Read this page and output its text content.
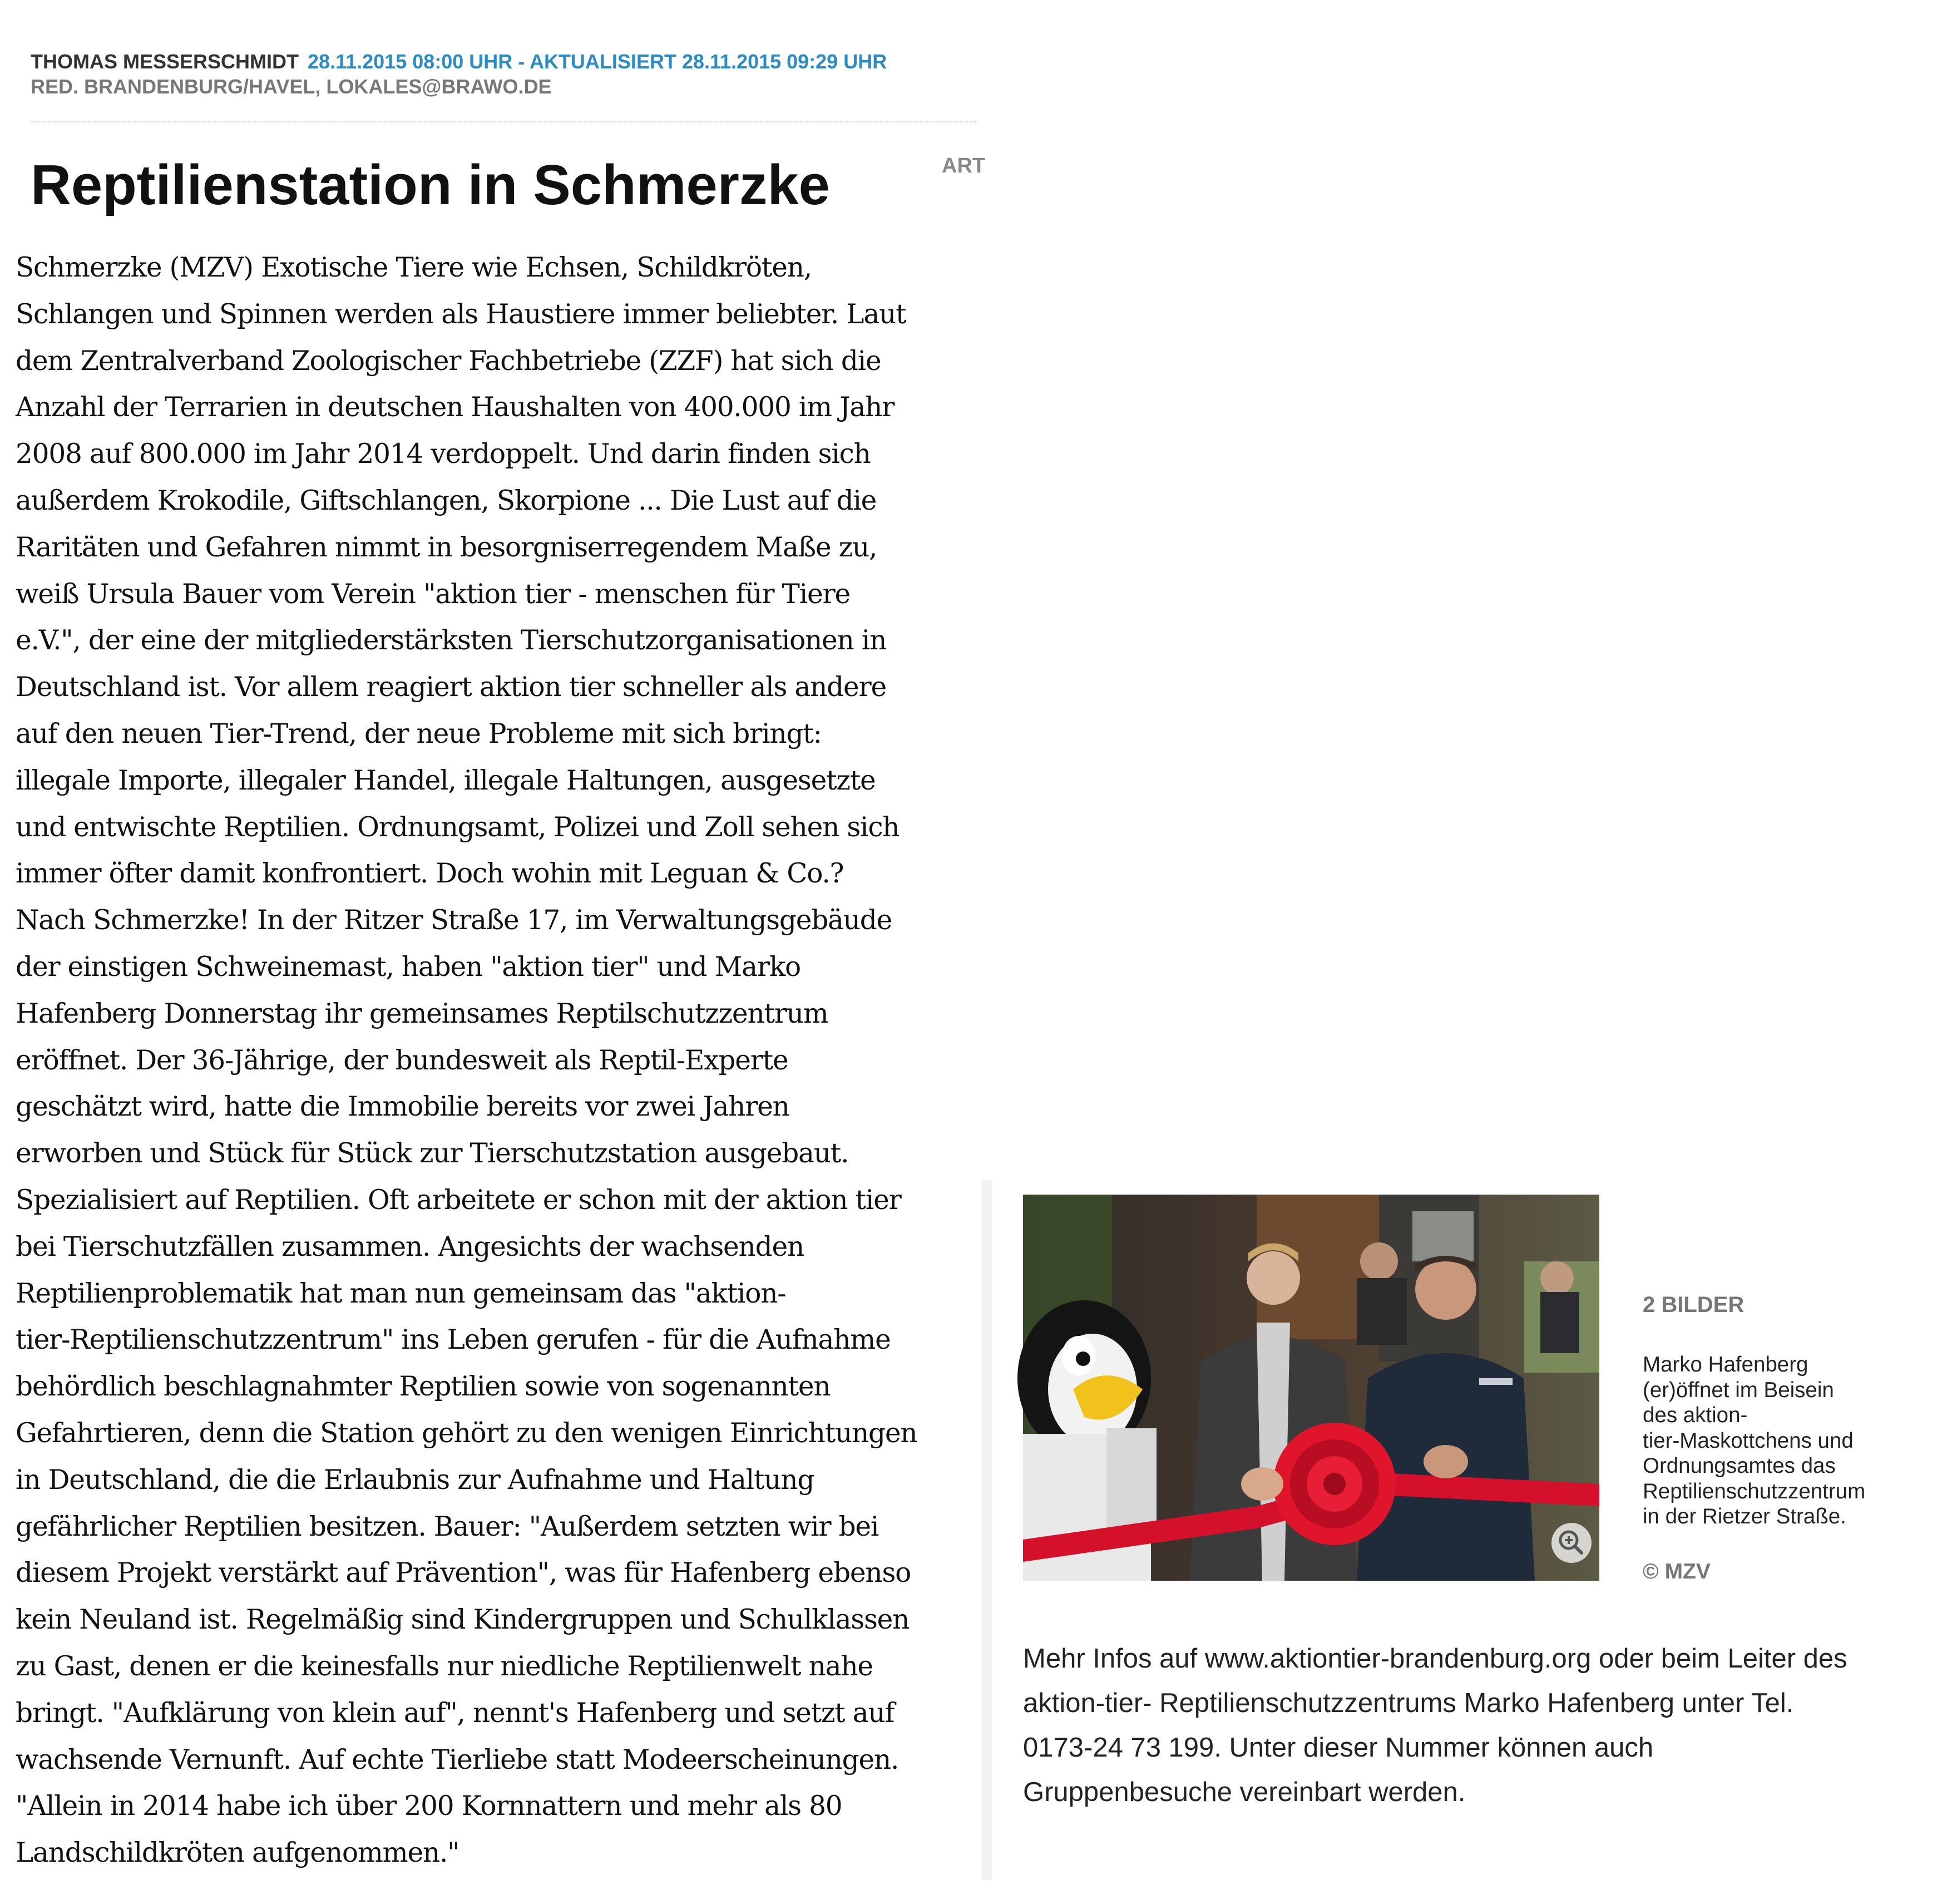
THOMAS MESSERSCHMIDT 28.11.2015 08:00 UHR - AKTUALISIERT 28.11.2015 09:29 UHR
RED. BRANDENBURG/HAVEL, LOKALES@BRAWO.DE
Reptilienstation in Schmerzke	ART

Schmerzke (MZV) Exotische Tiere wie Echsen, Schildkröten,
Schlangen und Spinnen werden als Haustiere immer beliebter. Laut
dem Zentralverband Zoologischer Fachbetriebe (ZZF) hat sich die
Anzahl der Terrarien in deutschen Haushalten von 400.000 im Jahr
2008 auf 800.000 im Jahr 2014 verdoppelt. Und darin finden sich
außerdem Krokodile, Giftschlangen, Skorpione ... Die Lust auf die
Raritäten und Gefahren nimmt in besorgniserregendem Maße zu,
weiß Ursula Bauer vom Verein "aktion tier - menschen für Tiere
e.V.", der eine der mitgliederstärksten Tierschutzorganisationen in
Deutschland ist. Vor allem reagiert aktion tier schneller als andere
auf den neuen Tier-Trend, der neue Probleme mit sich bringt:
illegale Importe, illegaler Handel, illegale Haltungen, ausgesetzte
und entwischte Reptilien. Ordnungsamt, Polizei und Zoll sehen sich
immer öfter damit konfrontiert. Doch wohin mit Leguan & Co.?
Nach Schmerzke! In der Ritzer Straße 17, im Verwaltungsgebäude
der einstigen Schweinemast, haben "aktion tier" und Marko
Hafenberg Donnerstag ihr gemeinsames Reptilschutzzentrum
eröffnet. Der 36-Jährige, der bundesweit als Reptil-Experte
geschätzt wird, hatte die Immobilie bereits vor zwei Jahren
erworben und Stück für Stück zur Tierschutzstation ausgebaut.
Spezialisiert auf Reptilien. Oft arbeitete er schon mit der aktion tier
bei Tierschutzfällen zusammen. Angesichts der wachsenden
Reptilienproblematik hat man nun gemeinsam das "aktion-
tier-Reptilienschutzzentrum" ins Leben gerufen - für die Aufnahme
behördlich beschlagnahmter Reptilien sowie von sogenannten
Gefahrtieren, denn die Station gehört zu den wenigen Einrichtungen
in Deutschland, die die Erlaubnis zur Aufnahme und Haltung
gefährlicher Reptilien besitzen. Bauer: "Außerdem setzten wir bei
diesem Projekt verstärkt auf Prävention", was für Hafenberg ebenso
kein Neuland ist. Regelmäßig sind Kindergruppen und Schulklassen
zu Gast, denen er die keinesfalls nur niedliche Reptilienwelt nahe
bringt. "Aufklärung von klein auf", nennt's Hafenberg und setzt auf
wachsende Vernunft. Auf echte Tierliebe statt Modeerscheinungen.
"Allein in 2014 habe ich über 200 Kornnattern und mehr als 80
Landschildkröten aufgenommen."

2 BILDER
Marko Hafenberg
(er)öffnet im Beisein
des aktion-
tier-Maskottchens und
Ordnungsamtes das
Reptilienschutzzentrum
in der Rietzer Straße.
© MZV
Mehr Infos auf www.aktiontier-brandenburg.org oder beim Leiter des
aktion-tier- Reptilienschutzzentrums Marko Hafenberg unter Tel.
0173-24 73 199. Unter dieser Nummer können auch
Gruppenbesuche vereinbart werden.
